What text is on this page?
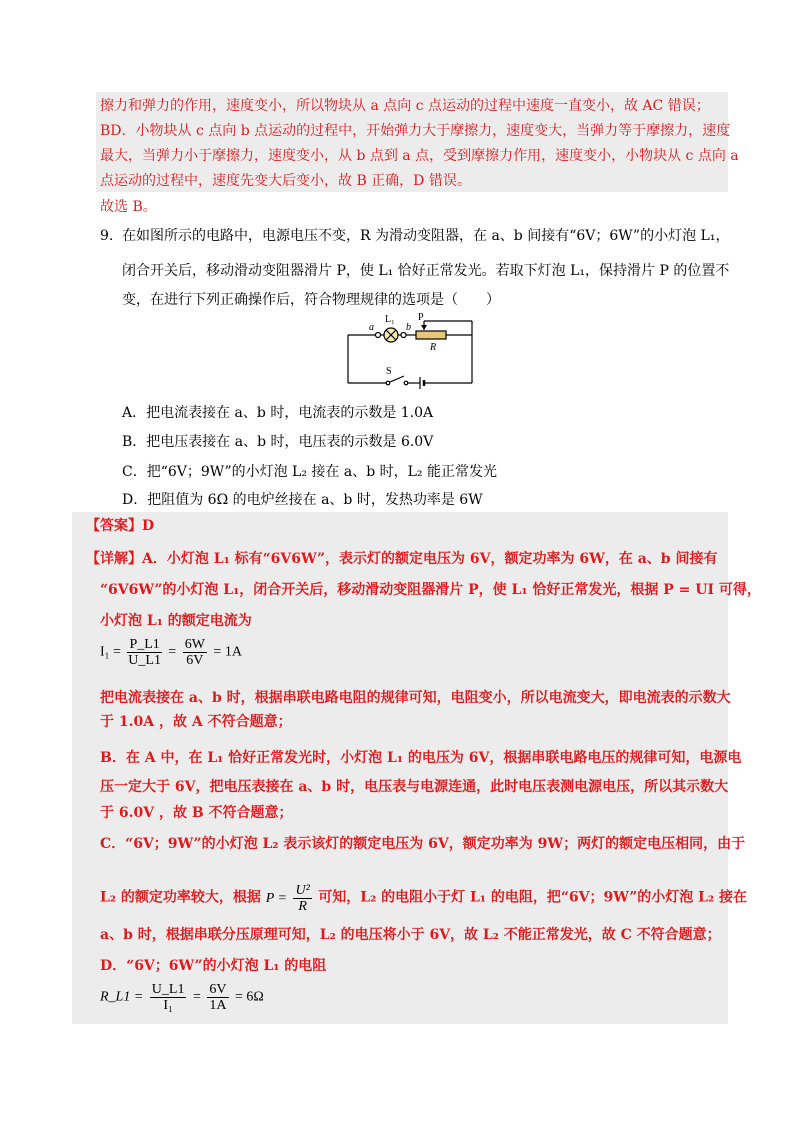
擦力和弹力的作用，速度变小，所以物块从 a 点向 c 点运动的过程中速度一直变小，故 AC 错误；
BD．小物块从 c 点向 b 点运动的过程中，开始弹力大于摩擦力，速度变大，当弹力等于摩擦力，速度
最大，当弹力小于摩擦力，速度变小，从 b 点到 a 点，受到摩擦力作用，速度变小，小物块从 c 点向 a
点运动的过程中，速度先变大后变小，故 B 正确，D 错误。
故选 B。
9. 在如图所示的电路中，电源电压不变，R 为滑动变阻器，在 a、b 间接有“6V；6W”的小灯泡 L₁，
闭合开关后，移动滑动变阻器滑片 P，使 L₁ 恰好正常发光。若取下灯泡 L₁，保持滑片 P 的位置不
变，在进行下列正确操作后，符合物理规律的选项是（　　）
a
L₁
b
P
R
S
A．把电流表接在 a、b 时，电流表的示数是 1.0A
B．把电压表接在 a、b 时，电压表的示数是 6.0V
C．把“6V；9W”的小灯泡 L₂ 接在 a、b 时，L₂ 能正常发光
D．把阻值为 6Ω 的电炉丝接在 a、b 时，发热功率是 6W
【答案】D
【详解】A．小灯泡 L₁ 标有“6V6W”，表示灯的额定电压为 6V，额定功率为 6W，在 a、b 间接有
“6V6W”的小灯泡 L₁，闭合开关后，移动滑动变阻器滑片 P，使 L₁ 恰好正常发光，根据 P = UI 可得，
小灯泡 L₁ 的额定电流为
$I_1 = \frac{P\_L1}{U\_L1} = \frac{6W}{6V} = 1A$
把电流表接在 a、b 时，根据串联电路电阻的规律可知，电阻变小，所以电流变大，即电流表的示数大
于 1.0A ，故 A 不符合题意；
B．在 A 中，在 L₁ 恰好正常发光时，小灯泡 L₁ 的电压为 6V，根据串联电路电压的规律可知，电源电
压一定大于 6V，把电压表接在 a、b 时，电压表与电源连通，此时电压表测电源电压，所以其示数大
于 6.0V ，故 B 不符合题意；
C．“6V；9W”的小灯泡 L₂ 表示该灯的额定电压为 6V，额定功率为 9W；两灯的额定电压相同，由于
L₂ 的额定功率较大，根据 $P = \frac{\text{U²}}{R}$ 可知，L₂ 的电阻小于灯 L₁ 的电阻，把“6V；9W”的小灯泡 L₂ 接在
a、b 时，根据串联分压原理可知，L₂ 的电压将小于 6V，故 L₂ 不能正常发光，故 C 不符合题意；
D．“6V；6W”的小灯泡 L₁ 的电阻
R_L1 = $\frac{U\_L1}{\text{I₁}} = \frac{6V}{1A} = 6\Omega$
